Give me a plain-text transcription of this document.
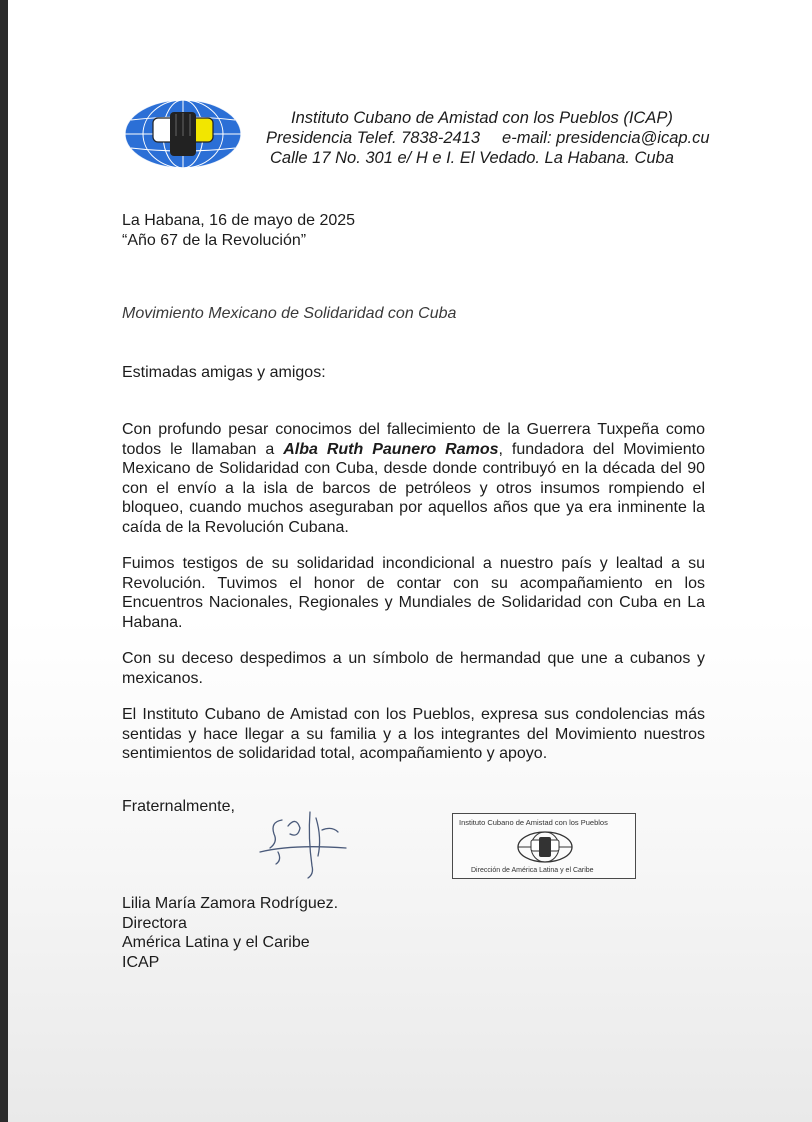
Instituto Cubano de Amistad con los Pueblos (ICAP)
Presidencia Telef. 7838-2413 e-mail: presidencia@icap.cu
Calle 17 No. 301 e/ H e I. El Vedado. La Habana. Cuba
La Habana, 16 de mayo de 2025
“Año 67 de la Revolución”
Movimiento Mexicano de Solidaridad con Cuba
Estimadas amigas y amigos:
Con profundo pesar conocimos del fallecimiento de la Guerrera Tuxpeña como todos le llamaban a Alba Ruth Paunero Ramos, fundadora del Movimiento Mexicano de Solidaridad con Cuba, desde donde contribuyó en la década del 90 con el envío a la isla de barcos de petróleos y otros insumos rompiendo el bloqueo, cuando muchos aseguraban por aquellos años que ya era inminente la caída de la Revolución Cubana.
Fuimos testigos de su solidaridad incondicional a nuestro país y lealtad a su Revolución. Tuvimos el honor de contar con su acompañamiento en los Encuentros Nacionales, Regionales y Mundiales de Solidaridad con Cuba en La Habana.
Con su deceso despedimos a un símbolo de hermandad que une a cubanos y mexicanos.
El Instituto Cubano de Amistad con los Pueblos, expresa sus condolencias más sentidas y hace llegar a su familia y a los integrantes del Movimiento nuestros sentimientos de solidaridad total, acompañamiento y apoyo.
Fraternalmente,
Instituto Cubano de Amistad con los Pueblos
Dirección de América Latina y el Caribe
Lilia María Zamora Rodríguez.
Directora
América Latina y el Caribe
ICAP
